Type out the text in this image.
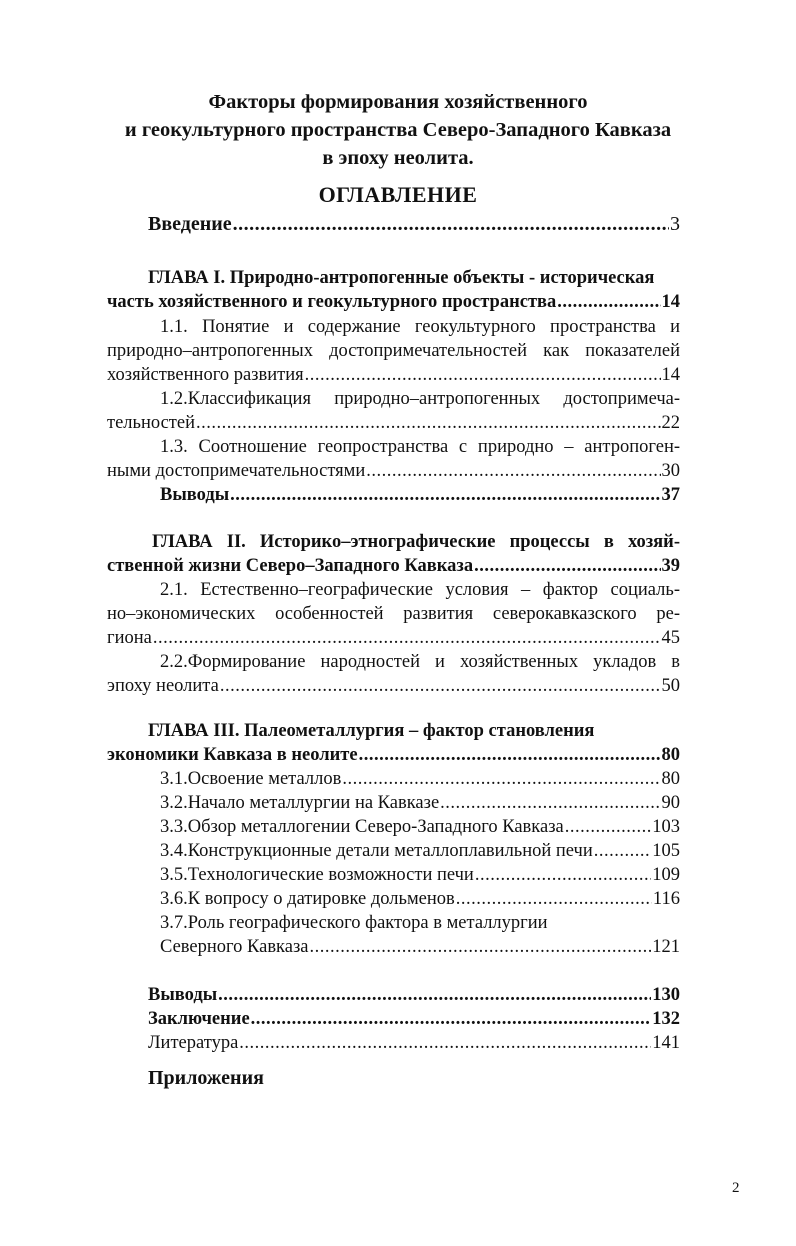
Факторы формирования хозяйственного
и геокультурного пространства Северо-Западного Кавказа
в эпоху неолита.
ОГЛАВЛЕНИЕ
Введение .....	3
ГЛАВА I. Природно-антропогенные объекты - историческая
часть хозяйственного и геокультурного пространства .....	14
1.1. Понятие и содержание геокультурного пространства и
природно–антропогенных достопримечательностей как показателей
хозяйственного развития .....	14
1.2.Классификация природно–антропогенных достопримеча-
тельностей .....	22
1.3. Соотношение геопространства с природно – антропоген-
ными достопримечательностями .....	30
Выводы .....	37
ГЛАВА II. Историко–этнографические процессы в хозяй-
ственной жизни Северо–Западного Кавказа .....	39
2.1. Естественно–географические условия – фактор социаль-
но–экономических особенностей развития северокавказского ре-
гиона .....	45
2.2.Формирование народностей и хозяйственных укладов в
эпоху неолита .....	50
ГЛАВА III. Палеометаллургия – фактор становления
экономики Кавказа в неолите .....	80
3.1.Освоение металлов .....	80
3.2.Начало металлургии на Кавказе .....	90
3.3.Обзор металлогении Северо-Западного Кавказа .....	103
3.4.Конструкционные детали металлоплавильной печи .....	105
3.5.Технологические возможности печи .....	109
3.6.К вопросу о датировке дольменов .....	116
3.7.Роль географического фактора в металлургии
Северного Кавказа .....	121
Выводы .....	130
Заключение .....	132
Литература .....	141
Приложения
2
